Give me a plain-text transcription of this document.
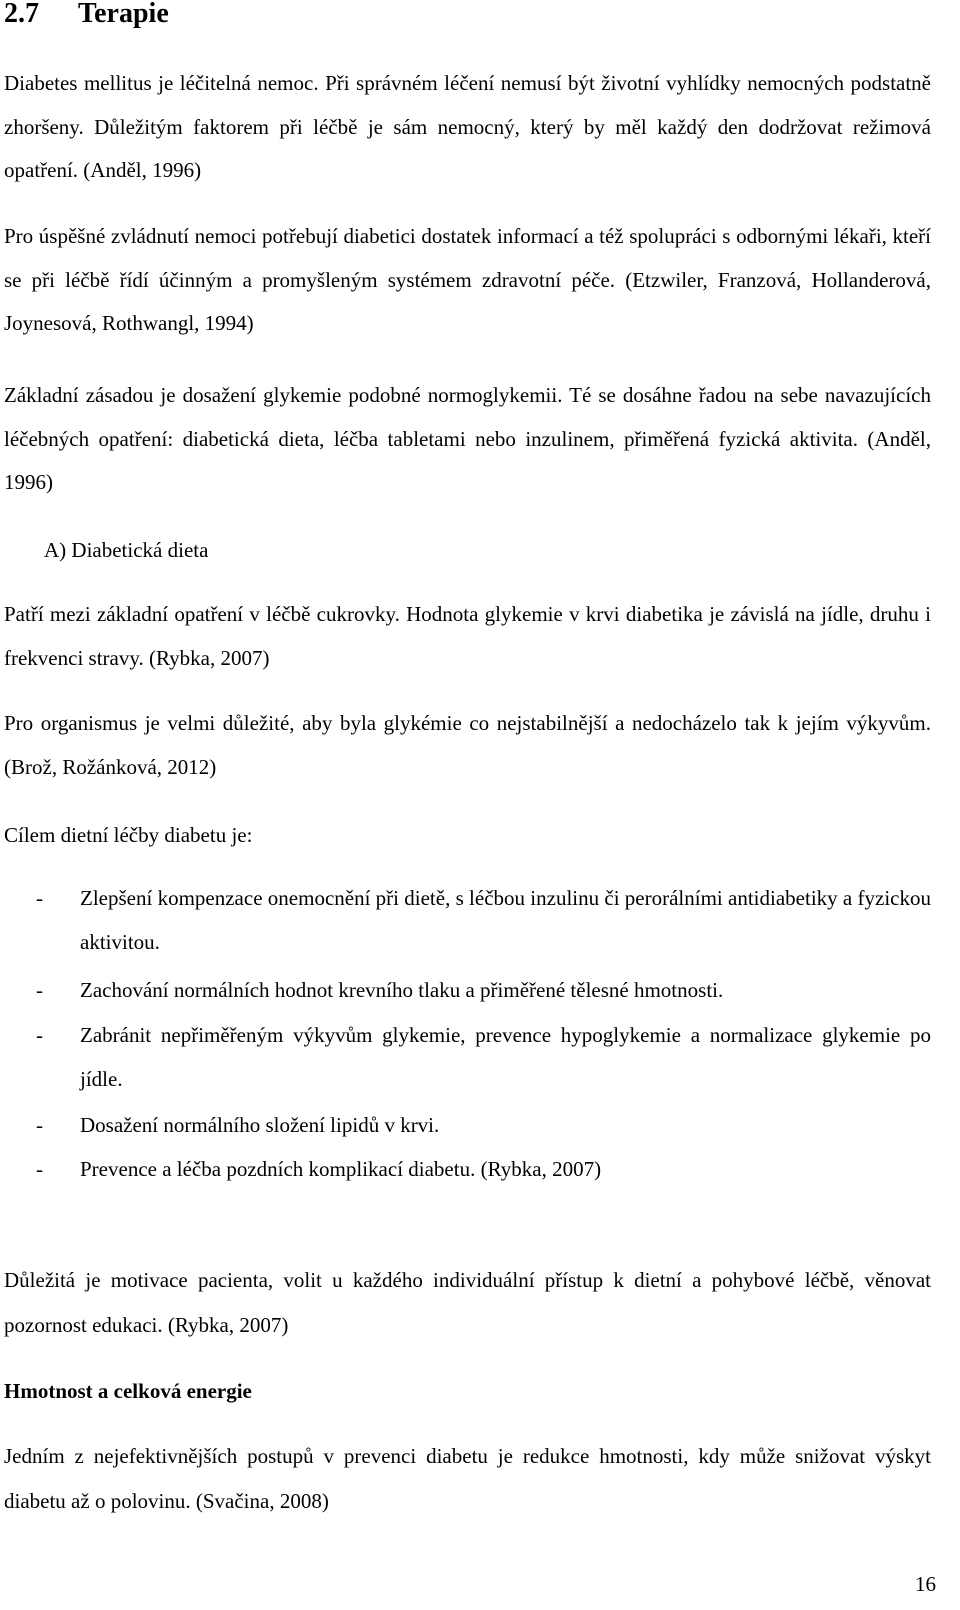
2.7 Terapie

Diabetes mellitus je léčitelná nemoc. Při správném léčení nemusí být životní vyhlídky nemocných podstatně zhoršeny. Důležitým faktorem při léčbě je sám nemocný, který by měl každý den dodržovat režimová opatření. (Anděl, 1996)

Pro úspěšné zvládnutí nemoci potřebují diabetici dostatek informací a též spolupráci s odbornými lékaři, kteří se při léčbě řídí účinným a promyšleným systémem zdravotní péče. (Etzwiler, Franzová, Hollanderová, Joynesová, Rothwangl, 1994)

Základní zásadou je dosažení glykemie podobné normoglykemii. Té se dosáhne řadou na sebe navazujících léčebných opatření: diabetická dieta, léčba tabletami nebo inzulinem, přiměřená fyzická aktivita. (Anděl, 1996)

A) Diabetická dieta

Patří mezi základní opatření v léčbě cukrovky. Hodnota glykemie v krvi diabetika je závislá na jídle, druhu i frekvenci stravy. (Rybka, 2007)

Pro organismus je velmi důležité, aby byla glykémie co nejstabilnější a nedocházelo tak k jejím výkyvům. (Brož, Rožánková, 2012)

Cílem dietní léčby diabetu je:

-	Zlepšení kompenzace onemocnění při dietě, s léčbou inzulinu či perorálními antidiabetiky a fyzickou aktivitou.
-	Zachování normálních hodnot krevního tlaku a přiměřené tělesné hmotnosti.
-	Zabránit nepřiměřeným výkyvům glykemie, prevence hypoglykemie a normalizace glykemie po jídle.
-	Dosažení normálního složení lipidů v krvi.
-	Prevence a léčba pozdních komplikací diabetu. (Rybka, 2007)

Důležitá je motivace pacienta, volit u každého individuální přístup k dietní a pohybové léčbě, věnovat pozornost edukaci. (Rybka, 2007)

Hmotnost a celková energie

Jedním z nejefektivnějších postupů v prevenci diabetu je redukce hmotnosti, kdy může snižovat výskyt diabetu až o polovinu. (Svačina, 2008)

16
